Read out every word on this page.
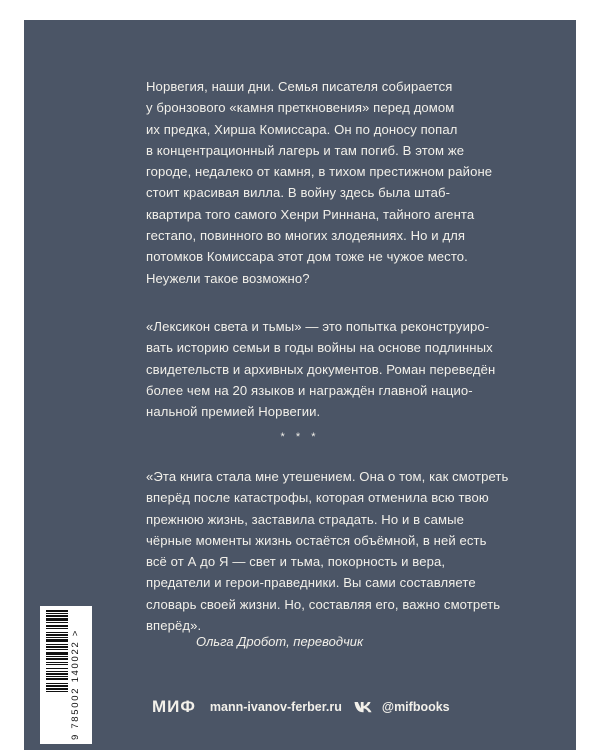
Норвегия, наши дни. Семья писателя собирается
у бронзового «камня преткновения» перед домом
их предка, Хирша Комиссара. Он по доносу попал
в концентрационный лагерь и там погиб. В этом же
городе, недалеко от камня, в тихом престижном районе
стоит красивая вилла. В войну здесь была штаб-
квартира того самого Хенри Риннана, тайного агента
гестапо, повинного во многих злодеяниях. Но и для
потомков Комиссара этот дом тоже не чужое место.
Неужели такое возможно?
«Лексикон света и тьмы» — это попытка реконструиро-
вать историю семьи в годы войны на основе подлинных
свидетельств и архивных документов. Роман переведён
более чем на 20 языков и награждён главной нацио-
нальной премией Норвегии.
* * *
«Эта книга стала мне утешением. Она о том, как смотреть
вперёд после катастрофы, которая отменила всю твою
прежнюю жизнь, заставила страдать. Но и в самые
чёрные моменты жизнь остаётся объёмной, в ней есть
всё от А до Я — свет и тьма, покорность и вера,
предатели и герои-праведники. Вы сами составляете
словарь своей жизни. Но, составляя его, важно смотреть
вперёд».
Ольга Дробот, переводчик
9 785002 140022 >	МИФ mann-ivanov-ferber.ru	@mifbooks
